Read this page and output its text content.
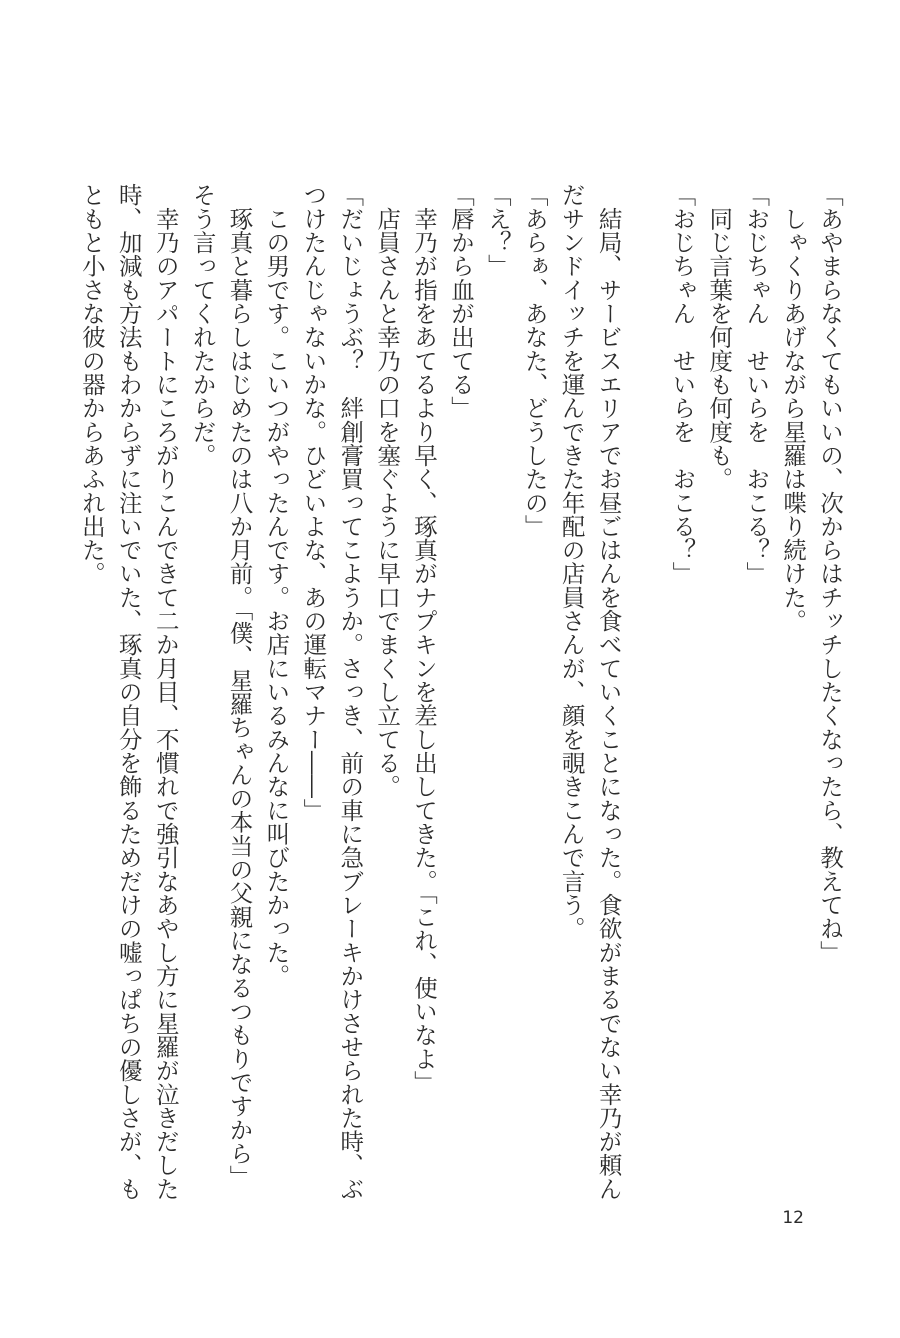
「あやまらなくてもいいの、次からはチッチしたくなったら、教えてね」
　しゃくりあげながら星羅は喋り続けた。
「おじちゃん　せいらを　おこる？」
　同じ言葉を何度も何度も。
「おじちゃん　せいらを　おこる？」
　結局、サービスエリアでお昼ごはんを食べていくことになった。食欲がまるでない幸乃が頼ん
だサンドイッチを運んできた年配の店員さんが、顔を覗きこんで言う。
「あらぁ、あなた、どうしたの」
「え？」
「唇から血が出てる」
　幸乃が指をあてるより早く、琢真がナプキンを差し出してきた。「これ、使いなよ」
　店員さんと幸乃の口を塞ぐように早口でまくし立てる。
「だいじょうぶ？　絆創膏買ってこようか。さっき、前の車に急ブレーキかけさせられた時、ぶ
つけたんじゃないかな。ひどいよな、あの運転マナー――」
　この男です。こいつがやったんです。お店にいるみんなに叫びたかった。
　琢真と暮らしはじめたのは八か月前。「僕、星羅ちゃんの本当の父親になるつもりですから」
そう言ってくれたからだ。
　幸乃のアパートにころがりこんできて二か月目、不慣れで強引なあやし方に星羅が泣きだした
時、加減も方法もわからずに注いでいた、琢真の自分を飾るためだけの嘘っぱちの優しさが、も
ともと小さな彼の器からあふれ出た。
12
